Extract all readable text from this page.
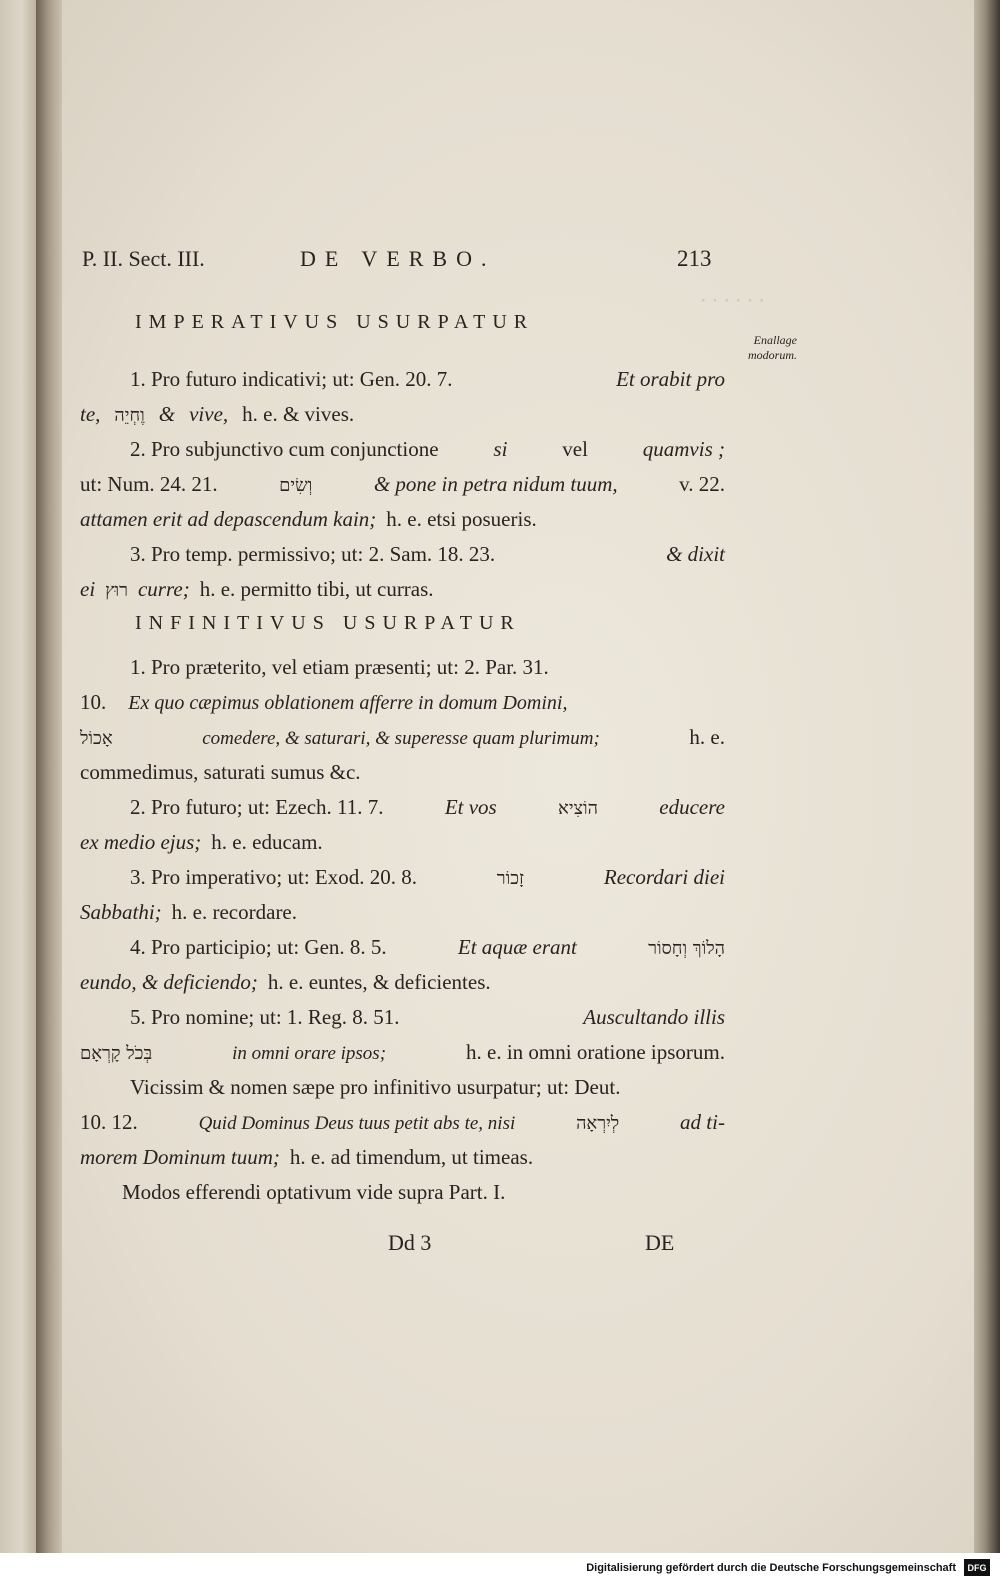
· · · · · ·
P. II. Sect. III.	DE VERBO.	213
Enallage
modorum.
IMPERATIVUS USURPATUR
1. Pro futuro indicativi; ut: Gen. 20. 7.	Et orabit pro
te, וֶחְיֵה & vive, h. e. & vives.
2. Pro subjunctivo cum conjunctione	si	vel	quamvis ;
ut: Num. 24. 21.	וְשִׂים	& pone in petra nidum tuum,	v. 22.
attamen erit ad depascendum kain; h. e. etsi posueris.
3. Pro temp. permissivo; ut: 2. Sam. 18. 23.	& dixit
ei רוּץ curre; h. e. permitto tibi, ut curras.
INFINITIVUS USURPATUR
1. Pro præterito, vel etiam præsenti; ut: 2. Par. 31.
10. Ex quo cæpimus oblationem afferre in domum Domini,
אָכוֹל	comedere, & saturari, & superesse quam plurimum;	h. e.
commedimus, saturati sumus &c.
2. Pro futuro; ut: Ezech. 11. 7.	Et vos	הוֹצִיא	educere
ex medio ejus; h. e. educam.
3. Pro imperativo; ut: Exod. 20. 8.	זָכוֹר	Recordari diei
Sabbathi; h. e. recordare.
4. Pro participio; ut: Gen. 8. 5.	Et aquæ erant	הָלוֹךְ וְחָסוֹר
eundo, & deficiendo; h. e. euntes, & deficientes.
5. Pro nomine; ut: 1. Reg. 8. 51.	Auscultando illis
בְּכֹל קָרְאָם	in omni orare ipsos;	h. e. in omni oratione ipsorum.
Vicissim & nomen sæpe pro infinitivo usurpatur; ut: Deut.
10. 12.	Quid Dominus Deus tuus petit abs te, nisi	לְיִרְאָה	ad ti-
morem Dominum tuum; h. e. ad timendum, ut timeas.
Modos efferendi optativum vide supra Part. I.
Dd 3	DE
Digitalisierung gefördert durch die Deutsche Forschungsgemeinschaft	DFG
